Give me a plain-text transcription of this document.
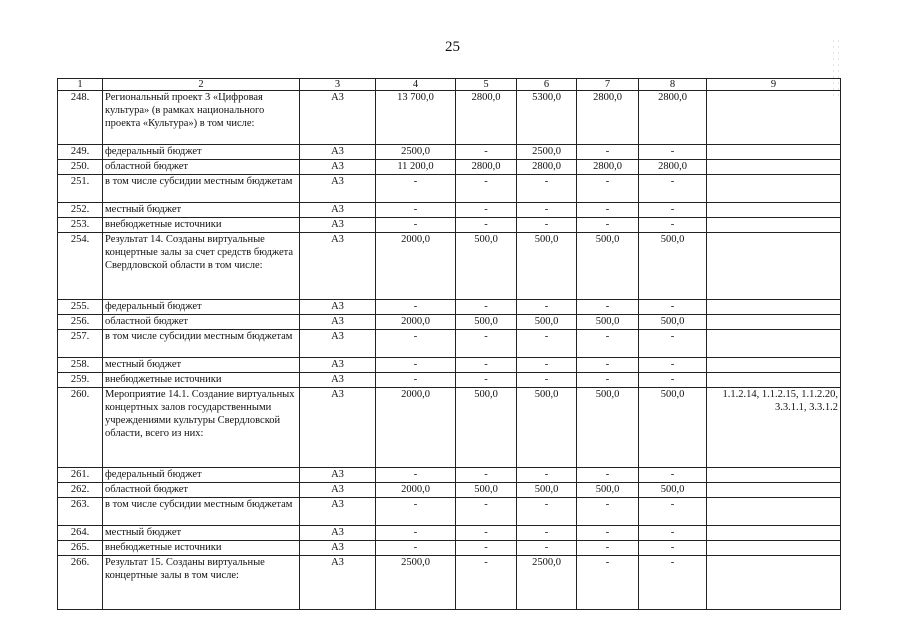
25
1	2	3	4	5	6	7	8	9
248.	Региональный проект 3 «Цифровая культура» (в рамках национального проекта «Культура») в том числе:	А3	13 700,0	2800,0	5300,0	2800,0	2800,0	
249.	федеральный бюджет	А3	2500,0	-	2500,0	-	-	
250.	областной бюджет	А3	11 200,0	2800,0	2800,0	2800,0	2800,0	
251.	в том числе субсидии местным бюджетам	А3	-	-	-	-	-	
252.	местный бюджет	А3	-	-	-	-	-	
253.	внебюджетные источники	А3	-	-	-	-	-	
254.	Результат 14. Созданы виртуальные концертные залы за счет средств бюджета Свердловской области в том числе:	А3	2000,0	500,0	500,0	500,0	500,0	
255.	федеральный бюджет	А3	-	-	-	-	-	
256.	областной бюджет	А3	2000,0	500,0	500,0	500,0	500,0	
257.	в том числе субсидии местным бюджетам	А3	-	-	-	-	-	
258.	местный бюджет	А3	-	-	-	-	-	
259.	внебюджетные источники	А3	-	-	-	-	-	
260.	Мероприятие 14.1. Создание виртуальных концертных залов государственными учреждениями культуры Свердловской области, всего из них:	А3	2000,0	500,0	500,0	500,0	500,0	1.1.2.14, 1.1.2.15, 1.1.2.20, 3.3.1.1, 3.3.1.2
261.	федеральный бюджет	А3	-	-	-	-	-	
262.	областной бюджет	А3	2000,0	500,0	500,0	500,0	500,0	
263.	в том числе субсидии местным бюджетам	А3	-	-	-	-	-	
264.	местный бюджет	А3	-	-	-	-	-	
265.	внебюджетные источники	А3	-	-	-	-	-	
266.	Результат 15. Созданы виртуальные концертные залы в том числе:	А3	2500,0	-	2500,0	-	-	
